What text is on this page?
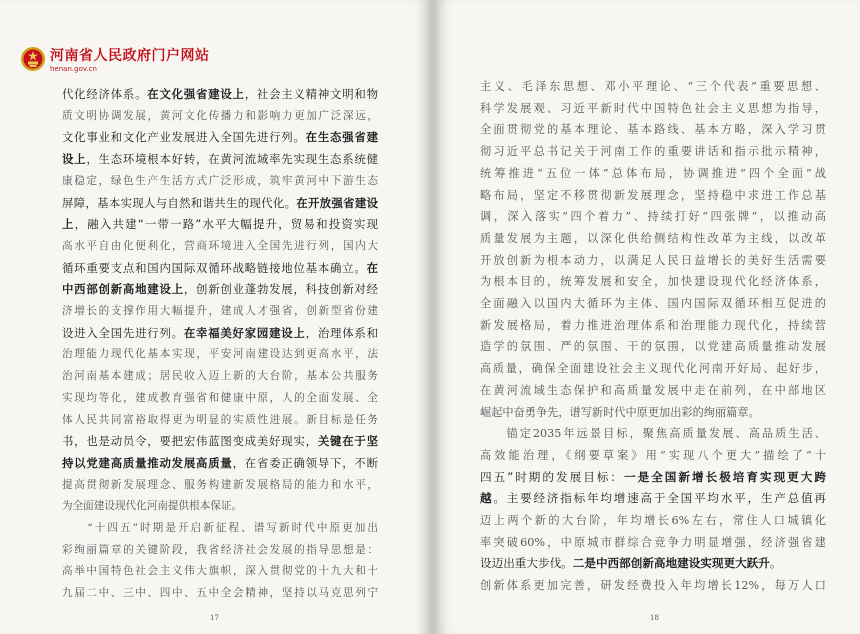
河南省人民政府门户网站
henan.gov.cn
代化经济体系。在文化强省建设上，社会主义精神文明和物
质文明协调发展，黄河文化传播力和影响力更加广泛深远，
文化事业和文化产业发展进入全国先进行列。在生态强省建
设上，生态环境根本好转，在黄河流域率先实现生态系统健
康稳定，绿色生产生活方式广泛形成，筑牢黄河中下游生态
屏障，基本实现人与自然和谐共生的现代化。在开放强省建设
上，融入共建“一带一路”水平大幅提升，贸易和投资实现
高水平自由化便利化，营商环境进入全国先进行列，国内大
循环重要支点和国内国际双循环战略链接地位基本确立。在
中西部创新高地建设上，创新创业蓬勃发展，科技创新对经
济增长的支撑作用大幅提升，建成人才强省，创新型省份建
设进入全国先进行列。在幸福美好家园建设上，治理体系和
治理能力现代化基本实现，平安河南建设达到更高水平，法
治河南基本建成；居民收入迈上新的大台阶，基本公共服务
实现均等化，建成教育强省和健康中原，人的全面发展、全
体人民共同富裕取得更为明显的实质性进展。新目标是任务
书，也是动员令，要把宏伟蓝图变成美好现实，关键在于坚
持以党建高质量推动发展高质量，在省委正确领导下，不断
提高贯彻新发展理念、服务构建新发展格局的能力和水平，
为全面建设现代化河南提供根本保证。
　　“十四五”时期是开启新征程、谱写新时代中原更加出
彩绚丽篇章的关键阶段，我省经济社会发展的指导思想是：
高举中国特色社会主义伟大旗帜，深入贯彻党的十九大和十
九届二中、三中、四中、五中全会精神，坚持以马克思列宁
17
主义、毛泽东思想、邓小平理论、“三个代表”重要思想、
科学发展观、习近平新时代中国特色社会主义思想为指导，
全面贯彻党的基本理论、基本路线、基本方略，深入学习贯
彻习近平总书记关于河南工作的重要讲话和指示批示精神，
统筹推进“五位一体”总体布局，协调推进“四个全面”战
略布局，坚定不移贯彻新发展理念，坚持稳中求进工作总基
调，深入落实“四个着力”、持续打好“四张牌”，以推动高
质量发展为主题，以深化供给侧结构性改革为主线，以改革
开放创新为根本动力，以满足人民日益增长的美好生活需要
为根本目的，统筹发展和安全，加快建设现代化经济体系，
全面融入以国内大循环为主体、国内国际双循环相互促进的
新发展格局，着力推进治理体系和治理能力现代化，持续营
造学的氛围、严的氛围、干的氛围，以党建高质量推动发展
高质量，确保全面建设社会主义现代化河南开好局、起好步，
在黄河流域生态保护和高质量发展中走在前列，在中部地区
崛起中奋勇争先，谱写新时代中原更加出彩的绚丽篇章。
　　锚定2035年远景目标，聚焦高质量发展、高品质生活、
高效能治理，《纲要草案》用“实现八个更大”描绘了“十
四五”时期的发展目标：一是全国新增长极培育实现更大跨
越。主要经济指标年均增速高于全国平均水平，生产总值再
迈上两个新的大台阶，年均增长6%左右，常住人口城镇化
率突破60%，中原城市群综合竞争力明显增强，经济强省建
设迈出重大步伐。二是中西部创新高地建设实现更大跃升。
创新体系更加完善，研发经费投入年均增长12%，每万人口
18
